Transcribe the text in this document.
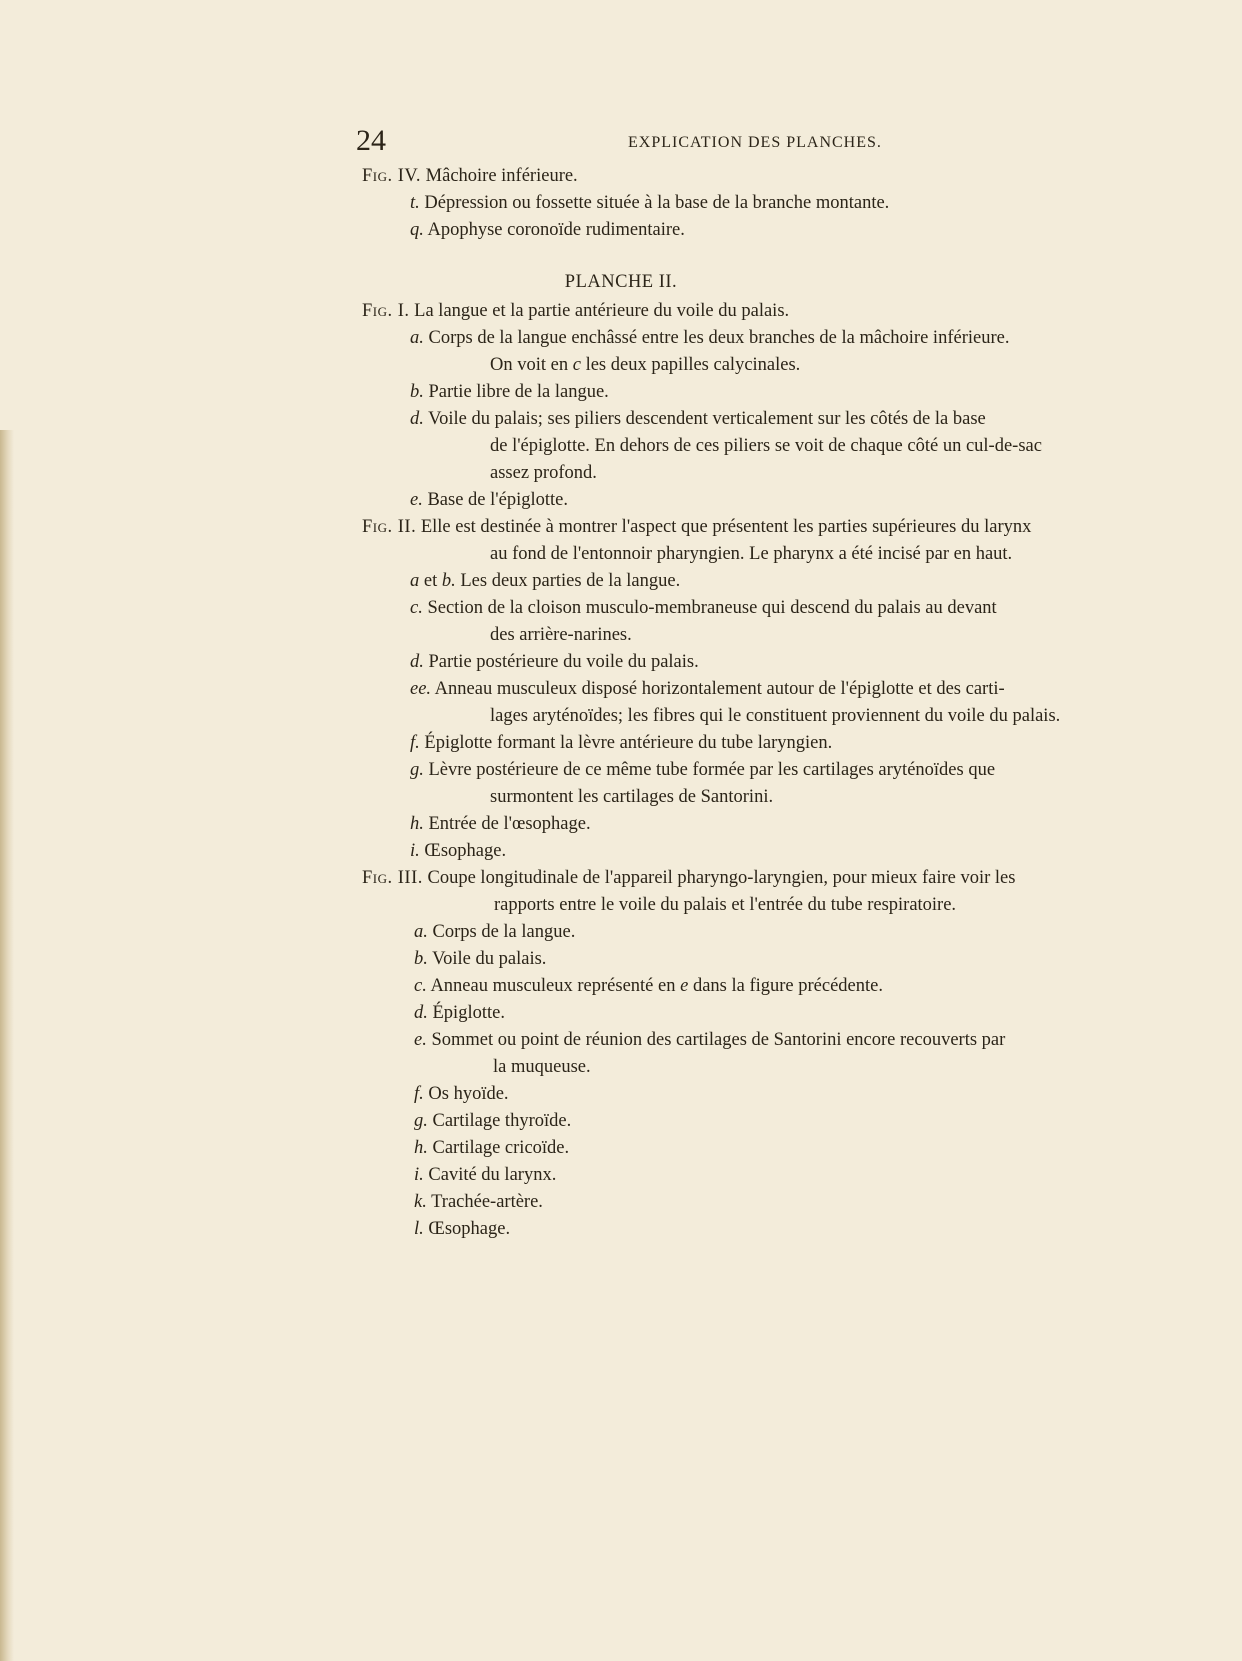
24	EXPLICATION DES PLANCHES.
PLANCHE II.
Fig. IV. Mâchoire inférieure.
t. Dépression ou fossette située à la base de la branche montante.
q. Apophyse coronoïde rudimentaire.
Fig. I. La langue et la partie antérieure du voile du palais.
a. Corps de la langue enchâssé entre les deux branches de la mâchoire inférieure.
On voit en c les deux papilles calycinales.
b. Partie libre de la langue.
d. Voile du palais; ses piliers descendent verticalement sur les côtés de la base
de l'épiglotte. En dehors de ces piliers se voit de chaque côté un cul-de-sac
assez profond.
e. Base de l'épiglotte.
Fig. II. Elle est destinée à montrer l'aspect que présentent les parties supérieures du larynx
au fond de l'entonnoir pharyngien. Le pharynx a été incisé par en haut.
a et b. Les deux parties de la langue.
c. Section de la cloison musculo-membraneuse qui descend du palais au devant
des arrière-narines.
d. Partie postérieure du voile du palais.
ee. Anneau musculeux disposé horizontalement autour de l'épiglotte et des carti-
lages aryténoïdes; les fibres qui le constituent proviennent du voile du palais.
f. Épiglotte formant la lèvre antérieure du tube laryngien.
g. Lèvre postérieure de ce même tube formée par les cartilages aryténoïdes que
surmontent les cartilages de Santorini.
h. Entrée de l'œsophage.
i. Œsophage.
Fig. III. Coupe longitudinale de l'appareil pharyngo-laryngien, pour mieux faire voir les
rapports entre le voile du palais et l'entrée du tube respiratoire.
a. Corps de la langue.
b. Voile du palais.
c. Anneau musculeux représenté en e dans la figure précédente.
d. Épiglotte.
e. Sommet ou point de réunion des cartilages de Santorini encore recouverts par
la muqueuse.
f. Os hyoïde.
g. Cartilage thyroïde.
h. Cartilage cricoïde.
i. Cavité du larynx.
k. Trachée-artère.
l. Œsophage.
